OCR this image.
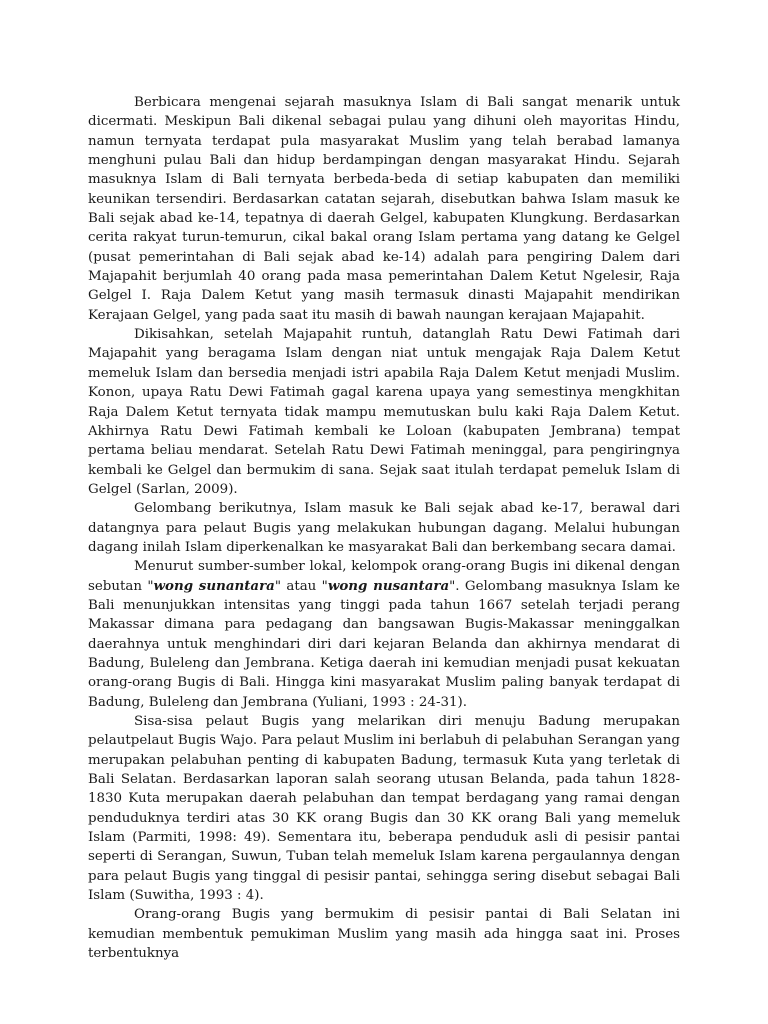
Berbicara mengenai sejarah masuknya Islam di Bali sangat menarik untuk dicermati. Meskipun Bali dikenal sebagai pulau yang dihuni oleh mayoritas Hindu, namun ternyata terdapat pula masyarakat Muslim yang telah berabad lamanya menghuni pulau Bali dan hidup berdampingan dengan masyarakat Hindu. Sejarah masuknya Islam di Bali ternyata berbeda-beda di setiap kabupaten dan memiliki keunikan tersendiri. Berdasarkan catatan sejarah, disebutkan bahwa Islam masuk ke Bali sejak abad ke-14, tepatnya di daerah Gelgel, kabupaten Klungkung. Berdasarkan cerita rakyat turun-temurun, cikal bakal orang Islam pertama yang datang ke Gelgel (pusat pemerintahan di Bali sejak abad ke-14) adalah para pengiring Dalem dari Majapahit berjumlah 40 orang pada masa pemerintahan Dalem Ketut Ngelesir, Raja Gelgel I. Raja Dalem Ketut yang masih termasuk dinasti Majapahit mendirikan Kerajaan Gelgel, yang pada saat itu masih di bawah naungan kerajaan Majapahit.

Dikisahkan, setelah Majapahit runtuh, datanglah Ratu Dewi Fatimah dari Majapahit yang beragama Islam dengan niat untuk mengajak Raja Dalem Ketut memeluk Islam dan bersedia menjadi istri apabila Raja Dalem Ketut menjadi Muslim. Konon, upaya Ratu Dewi Fatimah gagal karena upaya yang semestinya mengkhitan Raja Dalem Ketut ternyata tidak mampu memutuskan bulu kaki Raja Dalem Ketut. Akhirnya Ratu Dewi Fatimah kembali ke Loloan (kabupaten Jembrana) tempat pertama beliau mendarat. Setelah Ratu Dewi Fatimah meninggal, para pengiringnya kembali ke Gelgel dan bermukim di sana. Sejak saat itulah terdapat pemeluk Islam di Gelgel (Sarlan, 2009).

Gelombang berikutnya, Islam masuk ke Bali sejak abad ke-17, berawal dari datangnya para pelaut Bugis yang melakukan hubungan dagang. Melalui hubungan dagang inilah Islam diperkenalkan ke masyarakat Bali dan berkembang secara damai.

Menurut sumber-sumber lokal, kelompok orang-orang Bugis ini dikenal dengan sebutan "wong sunantara" atau "wong nusantara". Gelombang masuknya Islam ke Bali menunjukkan intensitas yang tinggi pada tahun 1667 setelah terjadi perang Makassar dimana para pedagang dan bangsawan Bugis-Makassar meninggalkan daerahnya untuk menghindari diri dari kejaran Belanda dan akhirnya mendarat di Badung, Buleleng dan Jembrana. Ketiga daerah ini kemudian menjadi pusat kekuatan orang-orang Bugis di Bali. Hingga kini masyarakat Muslim paling banyak terdapat di Badung, Buleleng dan Jembrana (Yuliani, 1993 : 24-31).

Sisa-sisa pelaut Bugis yang melarikan diri menuju Badung merupakan pelautpelaut Bugis Wajo. Para pelaut Muslim ini berlabuh di pelabuhan Serangan yang merupakan pelabuhan penting di kabupaten Badung, termasuk Kuta yang terletak di Bali Selatan. Berdasarkan laporan salah seorang utusan Belanda, pada tahun 1828-1830 Kuta merupakan daerah pelabuhan dan tempat berdagang yang ramai dengan penduduknya terdiri atas 30 KK orang Bugis dan 30 KK orang Bali yang memeluk Islam (Parmiti, 1998: 49). Sementara itu, beberapa penduduk asli di pesisir pantai seperti di Serangan, Suwun, Tuban telah memeluk Islam karena pergaulannya dengan para pelaut Bugis yang tinggal di pesisir pantai, sehingga sering disebut sebagai Bali Islam (Suwitha, 1993 : 4).

Orang-orang Bugis yang bermukim di pesisir pantai di Bali Selatan ini kemudian membentuk pemukiman Muslim yang masih ada hingga saat ini. Proses terbentuknya
